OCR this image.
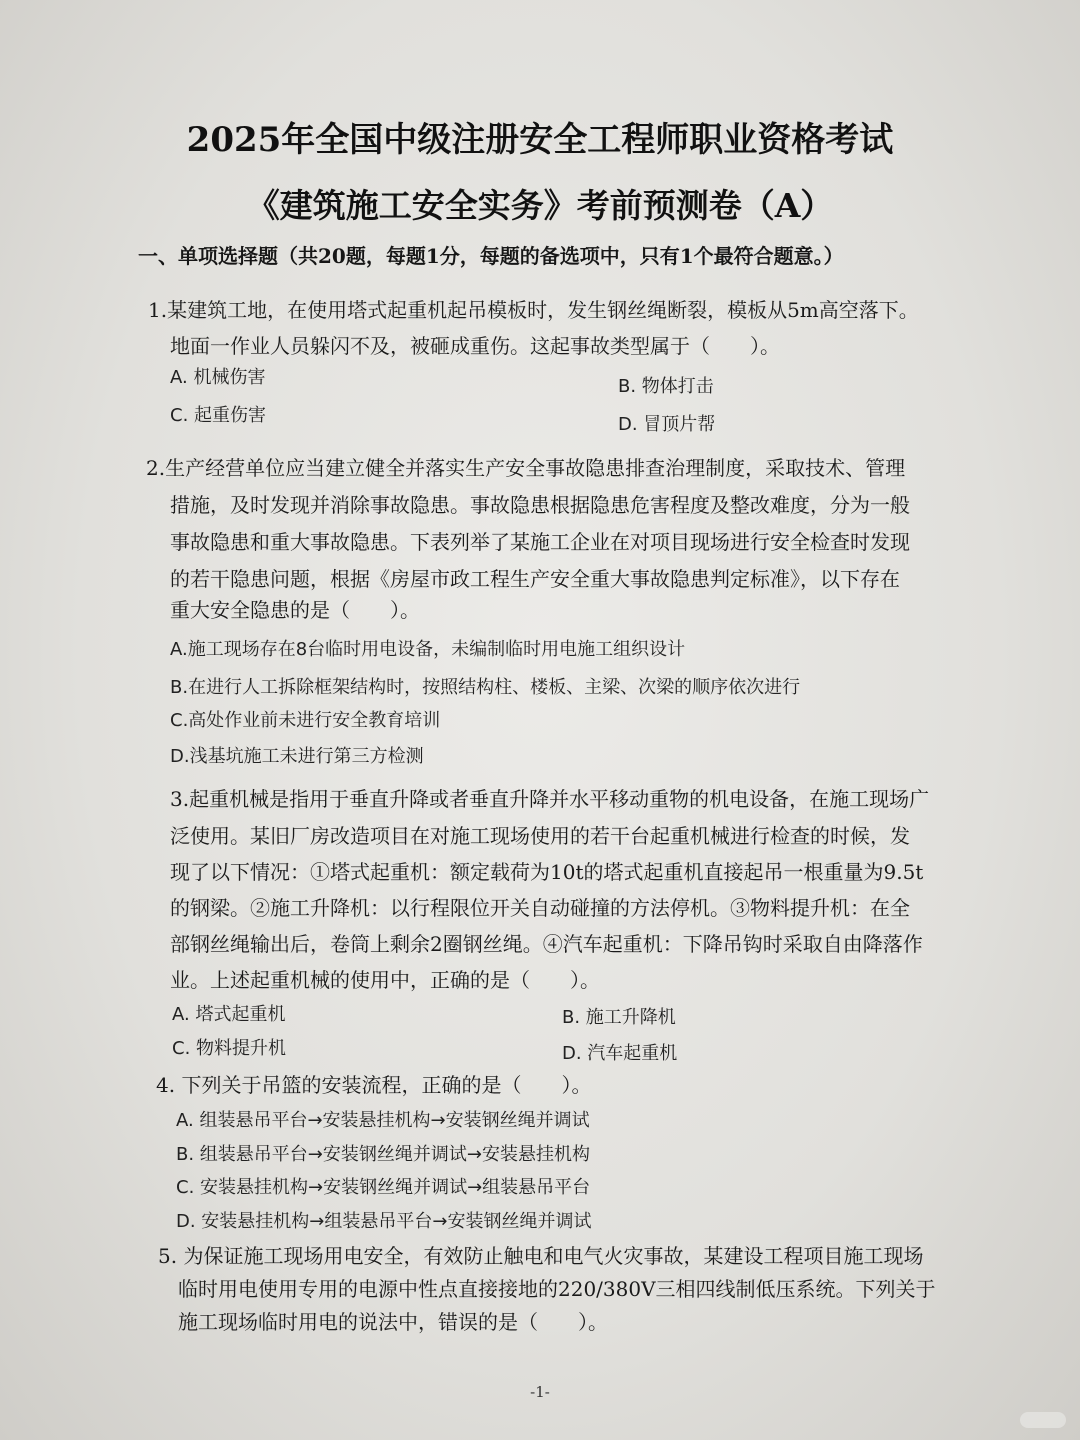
2025年全国中级注册安全工程师职业资格考试
《建筑施工安全实务》考前预测卷（A）
一、单项选择题（共20题，每题1分，每题的备选项中，只有1个最符合题意。）
1.某建筑工地，在使用塔式起重机起吊模板时，发生钢丝绳断裂，模板从5m高空落下。
地面一作业人员躲闪不及，被砸成重伤。这起事故类型属于（　　）。
A. 机械伤害	B. 物体打击
C. 起重伤害	D. 冒顶片帮
2.生产经营单位应当建立健全并落实生产安全事故隐患排查治理制度，采取技术、管理
措施，及时发现并消除事故隐患。事故隐患根据隐患危害程度及整改难度，分为一般
事故隐患和重大事故隐患。下表列举了某施工企业在对项目现场进行安全检查时发现
的若干隐患问题，根据《房屋市政工程生产安全重大事故隐患判定标准》，以下存在
重大安全隐患的是（　　）。
A.施工现场存在8台临时用电设备，未编制临时用电施工组织设计
B.在进行人工拆除框架结构时，按照结构柱、楼板、主梁、次梁的顺序依次进行
C.高处作业前未进行安全教育培训
D.浅基坑施工未进行第三方检测
3.起重机械是指用于垂直升降或者垂直升降并水平移动重物的机电设备，在施工现场广
泛使用。某旧厂房改造项目在对施工现场使用的若干台起重机械进行检查的时候，发
现了以下情况：①塔式起重机：额定载荷为10t的塔式起重机直接起吊一根重量为9.5t
的钢梁。②施工升降机：以行程限位开关自动碰撞的方法停机。③物料提升机：在全
部钢丝绳输出后，卷筒上剩余2圈钢丝绳。④汽车起重机：下降吊钩时采取自由降落作
业。上述起重机械的使用中，正确的是（　　）。
A. 塔式起重机	B. 施工升降机
C. 物料提升机	D. 汽车起重机
4. 下列关于吊篮的安装流程，正确的是（　　）。
A. 组装悬吊平台→安装悬挂机构→安装钢丝绳并调试
B. 组装悬吊平台→安装钢丝绳并调试→安装悬挂机构
C. 安装悬挂机构→安装钢丝绳并调试→组装悬吊平台
D. 安装悬挂机构→组装悬吊平台→安装钢丝绳并调试
5. 为保证施工现场用电安全，有效防止触电和电气火灾事故，某建设工程项目施工现场
临时用电使用专用的电源中性点直接接地的220/380V三相四线制低压系统。下列关于
施工现场临时用电的说法中，错误的是（　　）。
-1-
